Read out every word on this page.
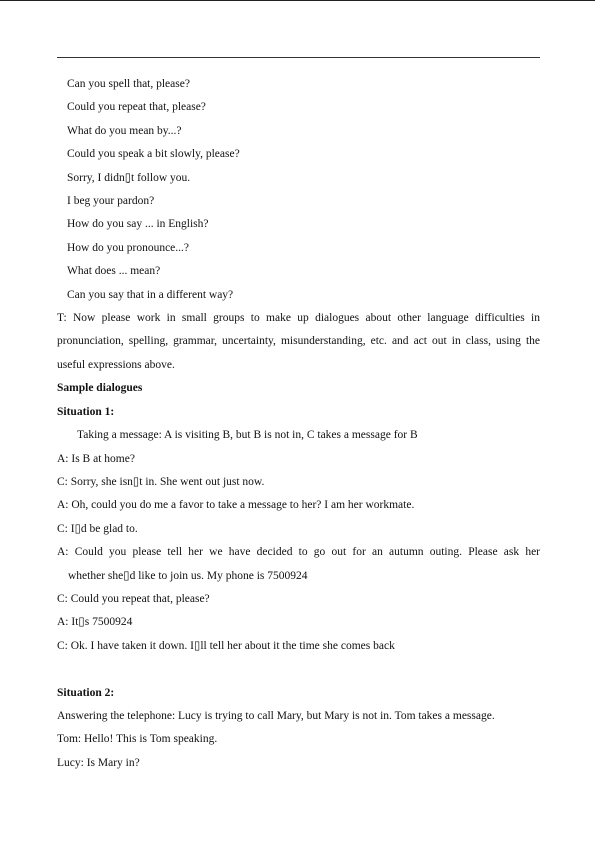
Can you spell that, please?
Could you repeat that, please?
What do you mean by...?
Could you speak a bit slowly, please?
Sorry, I didn▯̣t follow you.
I beg your pardon?
How do you say ... in English?
How do you pronounce...?
What does ... mean?
Can you say that in a different way?
T: Now please work in small groups to make up dialogues about other language difficulties in
pronunciation, spelling, grammar, uncertainty, misunderstanding, etc. and act out in class, using the
useful expressions above.
Sample dialogues
Situation 1:
Taking a message: A is visiting B, but B is not in, C takes a message for B
A: Is B at home?
C: Sorry, she isn▯t in. She went out just now.
A: Oh, could you do me a favor to take a message to her? I am her workmate.
C: I▯d be glad to.
A: Could you please tell her we have decided to go out for an autumn outing. Please ask her
whether she▯d like to join us. My phone is 7500924
C: Could you repeat that, please?
A: It▯s 7500924
C: Ok. I have taken it down. I▯ll tell her about it the time she comes back
Situation 2:
Answering the telephone: Lucy is trying to call Mary, but Mary is not in. Tom takes a message.
Tom: Hello! This is Tom speaking.
Lucy: Is Mary in?
